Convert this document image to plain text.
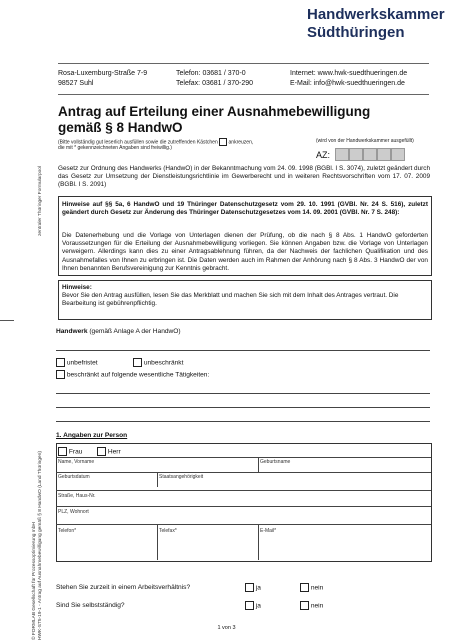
Handwerkskammer
Südthüringen
Rosa-Luxemburg-Straße 7-9
98527 Suhl
Telefon: 03681 / 370-0
Telefax: 03681 / 370-290
Internet: www.hwk-suedthueringen.de
E-Mail: info@hwk-suedthueringen.de
Antrag auf Erteilung einer Ausnahmebewilligung
gemäß § 8 HandwO
(Bitte vollständig gut leserlich ausfüllen sowie die zutreffenden Kästchen ankreuzen,
die mit * gekennzeichneten Angaben sind freiwillig.)
(wird von der Handwerkskammer ausgefüllt)
AZ:
zentraler Thüringer Formularpool
© FORMLAB Gesellschaft für Prozessoptimierung mbH HWK-ST5-19-1 - Antrag auf Ausnahmebewilligung gemäß § 8 HandwO (Land Thüringen)
Gesetz zur Ordnung des Handwerks (HandwO) in der Bekanntmachung vom 24. 09. 1998 (BGBl. I S. 3074), zuletzt geändert durch das Gesetz zur Umsetzung der Dienstleistungsrichtlinie im Gewerberecht und in weiteren Rechtsvorschriften vom 17. 07. 2009 (BGBl. I S. 2091)
Hinweise auf §§ 5a, 6 HandwO und 19 Thüringer Datenschutzgesetz vom 29. 10. 1991 (GVBl. Nr. 24 S. 516), zuletzt geändert durch Gesetz zur Änderung des Thüringer Datenschutzgesetzes vom 14. 09. 2001 (GVBl. Nr. 7 S. 248):
Die Datenerhebung und die Vorlage von Unterlagen dienen der Prüfung, ob die nach § 8 Abs. 1 HandwO geforderten Voraussetzungen für die Erteilung der Ausnahmebewilligung vorliegen. Sie können Angaben bzw. die Vorlage von Unterlagen verweigern. Allerdings kann dies zu einer Antragsablehnung führen, da der Nachweis der fachlichen Qualifikation und des Ausnahmefalles von Ihnen zu erbringen ist. Die Daten werden auch im Rahmen der Anhörung nach § 8 Abs. 3 HandwO der von Ihnen benannten Berufsvereinigung zur Kenntnis gebracht.
Hinweise:
Bevor Sie den Antrag ausfüllen, lesen Sie das Merkblatt und machen Sie sich mit dem Inhalt des Antrages vertraut. Die Bearbeitung ist gebührenpflichtig.
Handwerk (gemäß Anlage A der HandwO)
unbefristet	unbeschränkt
beschränkt auf folgende wesentliche Tätigkeiten:
1. Angaben zur Person
Frau	Herr
Name, Vorname	Geburtsname
Geburtsdatum	Staatsangehörigkeit
Straße, Haus-Nr.
PLZ, Wohnort
Telefon*	Telefax*	E-Mail*
Stehen Sie zurzeit in einem Arbeitsverhältnis?	ja	nein
Sind Sie selbstständig?	ja	nein
1 von 3
